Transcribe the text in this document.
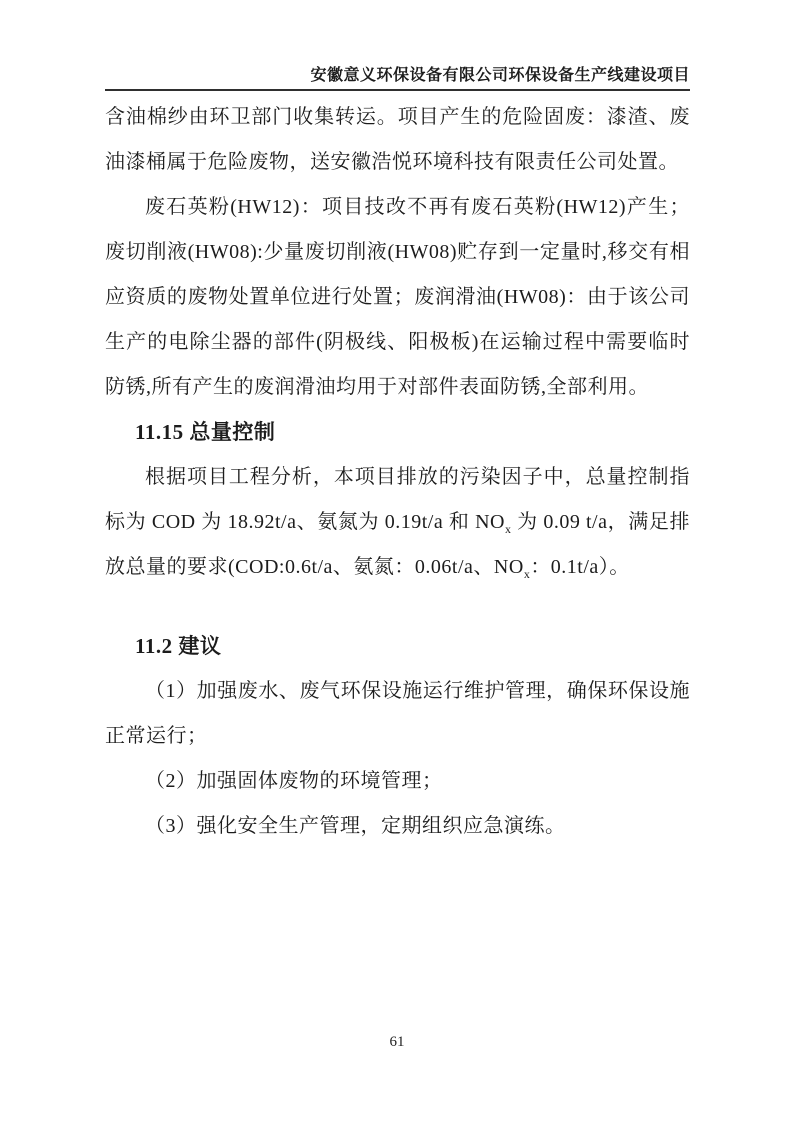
安徽意义环保设备有限公司环保设备生产线建设项目

含油棉纱由环卫部门收集转运。项目产生的危险固废：漆渣、废油漆桶属于危险废物，送安徽浩悦环境科技有限责任公司处置。

废石英粉(HW12)：项目技改不再有废石英粉(HW12)产生；废切削液(HW08):少量废切削液(HW08)贮存到一定量时,移交有相应资质的废物处置单位进行处置；废润滑油(HW08)：由于该公司生产的电除尘器的部件(阴极线、阳极板)在运输过程中需要临时防锈,所有产生的废润滑油均用于对部件表面防锈,全部利用。

11.15 总量控制

根据项目工程分析，本项目排放的污染因子中，总量控制指标为 COD 为 18.92t/a、氨氮为 0.19t/a 和 $NO_x$ 为 0.09 t/a，满足排放总量的要求(COD:0.6t/a、氨氮：0.06t/a、$NO_x$：0.1t/a）。

11.2 建议

（1）加强废水、废气环保设施运行维护管理，确保环保设施正常运行；

（2）加强固体废物的环境管理；

（3）强化安全生产管理，定期组织应急演练。

61
